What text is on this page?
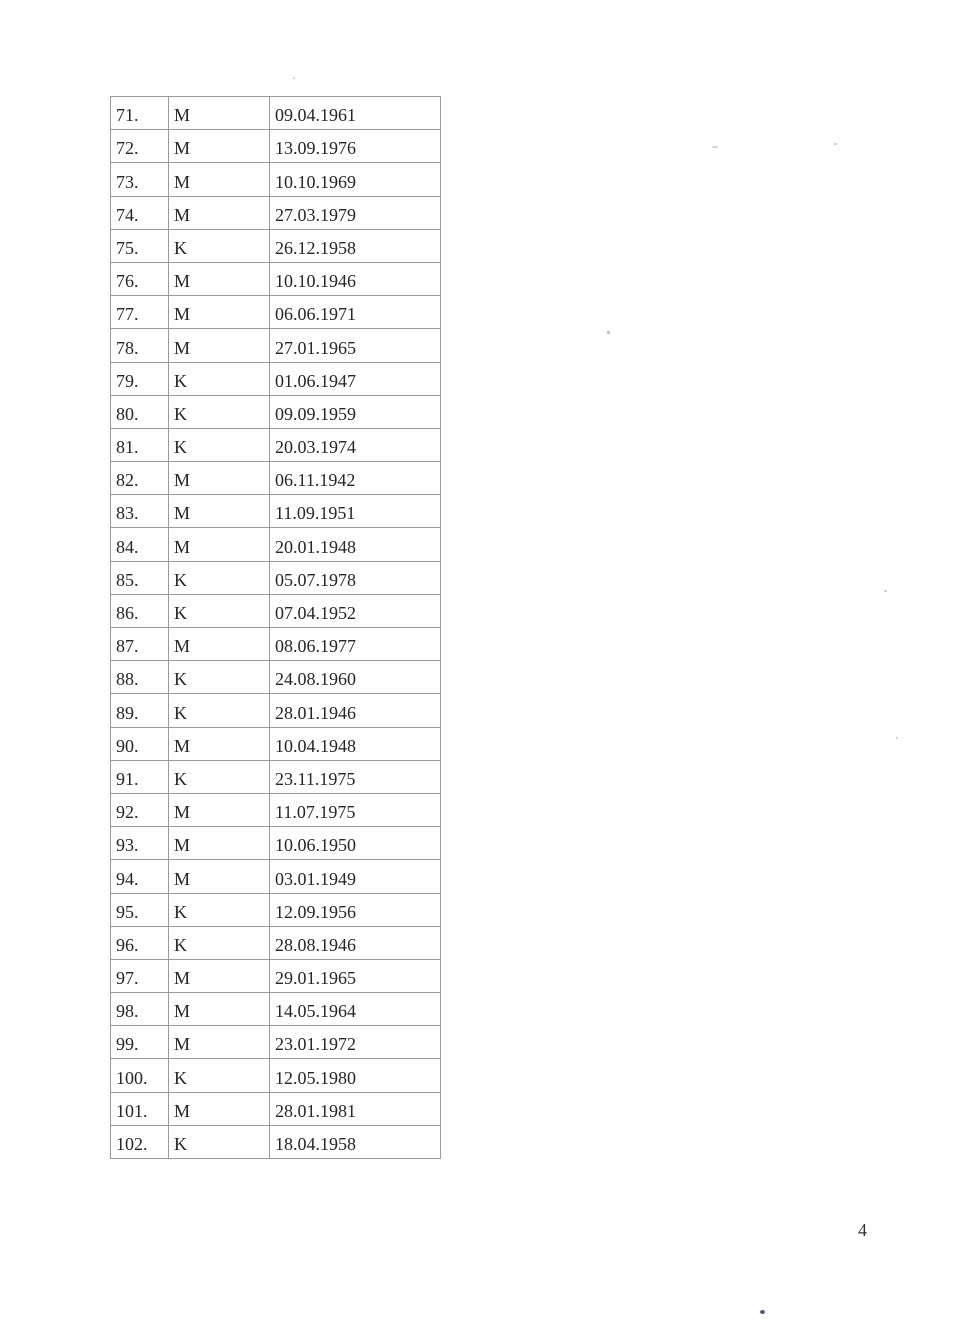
71.	M	09.04.1961
72.	M	13.09.1976
73.	M	10.10.1969
74.	M	27.03.1979
75.	K	26.12.1958
76.	M	10.10.1946
77.	M	06.06.1971
78.	M	27.01.1965
79.	K	01.06.1947
80.	K	09.09.1959
81.	K	20.03.1974
82.	M	06.11.1942
83.	M	11.09.1951
84.	M	20.01.1948
85.	K	05.07.1978
86.	K	07.04.1952
87.	M	08.06.1977
88.	K	24.08.1960
89.	K	28.01.1946
90.	M	10.04.1948
91.	K	23.11.1975
92.	M	11.07.1975
93.	M	10.06.1950
94.	M	03.01.1949
95.	K	12.09.1956
96.	K	28.08.1946
97.	M	29.01.1965
98.	M	14.05.1964
99.	M	23.01.1972
100.	K	12.05.1980
101.	M	28.01.1981
102.	K	18.04.1958
4
